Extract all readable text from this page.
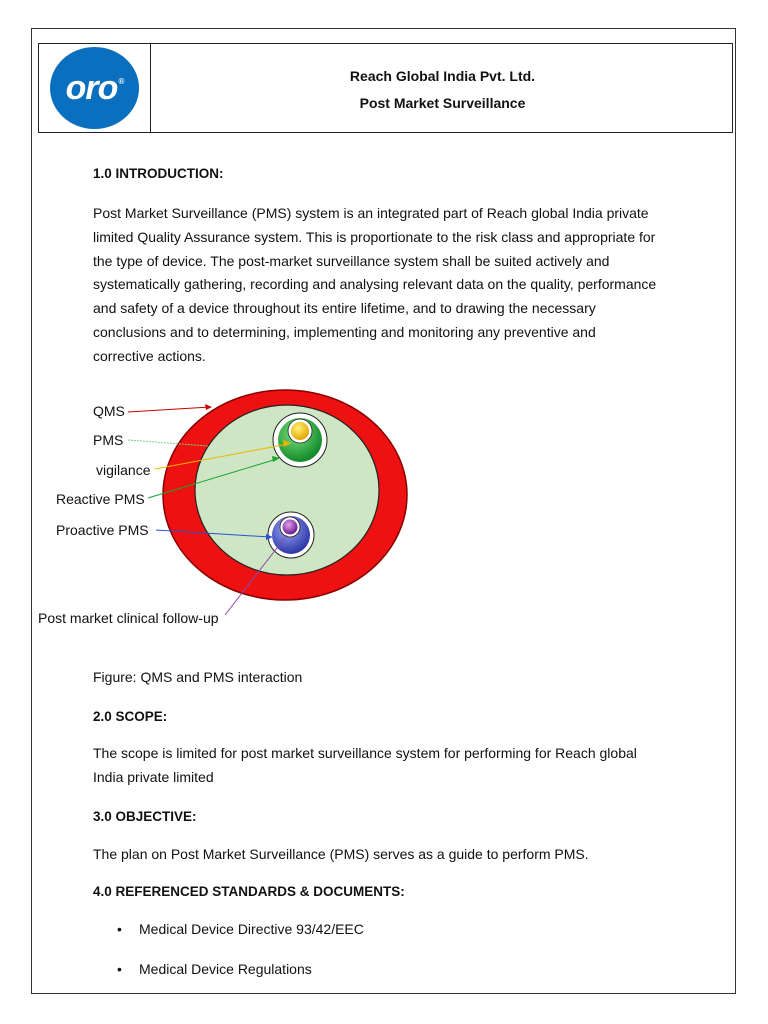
oro®	Reach Global India Pvt. Ltd.
Post Market Surveillance
1.0 INTRODUCTION:
Post Market Surveillance (PMS) system is an integrated part of Reach global India private
limited Quality Assurance system. This is proportionate to the risk class and appropriate for
the type of device. The post-market surveillance system shall be suited actively and
systematically gathering, recording and analysing relevant data on the quality, performance
and safety of a device throughout its entire lifetime, and to drawing the necessary
conclusions and to determining, implementing and monitoring any preventive and
corrective actions.
QMS
PMS
vigilance
Reactive PMS
Proactive PMS
Post market clinical follow-up
Figure: QMS and PMS interaction
2.0 SCOPE:
The scope is limited for post market surveillance system for performing for Reach global
India private limited
3.0 OBJECTIVE:
The plan on Post Market Surveillance (PMS) serves as a guide to perform PMS.
4.0 REFERENCED STANDARDS & DOCUMENTS:
• Medical Device Directive 93/42/EEC
• Medical Device Regulations
